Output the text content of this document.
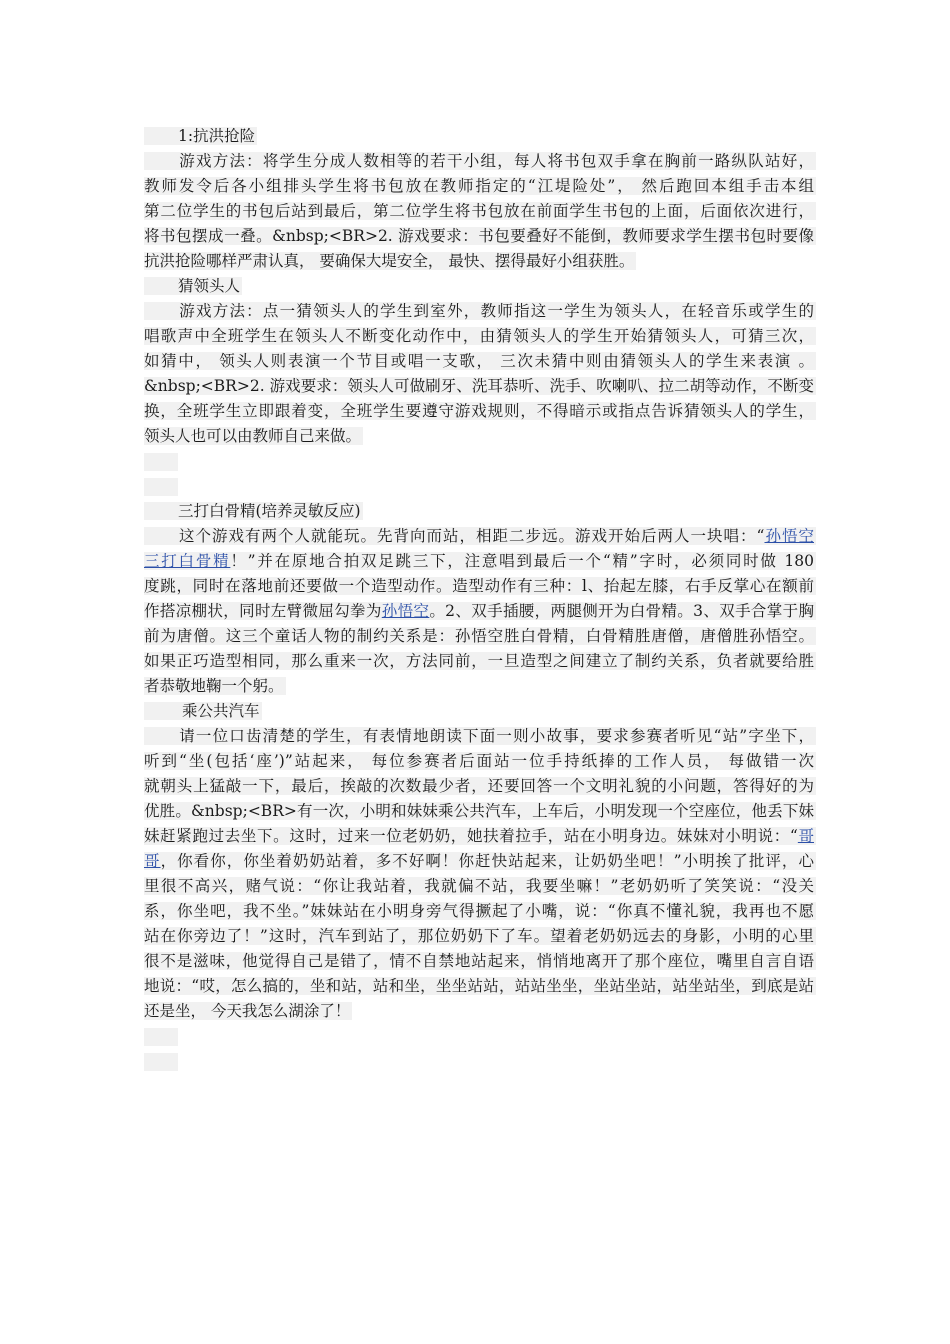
1:抗洪抢险
游戏方法：将学生分成人数相等的若干小组，每人将书包双手拿在胸前一路纵队站好，
教师发令后各小组排头学生将书包放在教师指定的“江堤险处”， 然后跑回本组手击本组
第二位学生的书包后站到最后，第二位学生将书包放在前面学生书包的上面，后面依次进行，
将书包摆成一叠。&nbsp;<BR>2. 游戏要求：书包要叠好不能倒，教师要求学生摆书包时要像
抗洪抢险哪样严肃认真， 要确保大堤安全， 最快、摆得最好小组获胜。
猜领头人
游戏方法：点一猜领头人的学生到室外，教师指这一学生为领头人，在轻音乐或学生的
唱歌声中全班学生在领头人不断变化动作中，由猜领头人的学生开始猜领头人，可猜三次，
如猜中， 领头人则表演一个节目或唱一支歌， 三次未猜中则由猜领头人的学生来表演 。
&nbsp;<BR>2. 游戏要求：领头人可做刷牙、洗耳恭听、洗手、吹喇叭、拉二胡等动作，不断变
换，全班学生立即跟着变，全班学生要遵守游戏规则，不得暗示或指点告诉猜领头人的学生，
领头人也可以由教师自己来做。
三打白骨精(培养灵敏反应)
这个游戏有两个人就能玩。先背向而站，相距二步远。游戏开始后两人一块唱：“孙悟空
三打白骨精！”并在原地合拍双足跳三下，注意唱到最后一个“精”字时，必须同时做 180
度跳，同时在落地前还要做一个造型动作。造型动作有三种：l、抬起左膝，右手反掌心在额前
作搭凉棚状，同时左臂微屈勾拳为孙悟空。2、双手插腰，两腿侧开为白骨精。3、双手合掌于胸
前为唐僧。这三个童话人物的制约关系是：孙悟空胜白骨精，白骨精胜唐僧，唐僧胜孙悟空。
如果正巧造型相同，那么重来一次，方法同前，一旦造型之间建立了制约关系，负者就要给胜
者恭敬地鞠一个躬。
乘公共汽车
请一位口齿清楚的学生，有表情地朗读下面一则小故事，要求参赛者听见“站”字坐下，
听到“坐(包括‘座’)”站起来， 每位参赛者后面站一位手持纸捧的工作人员， 每做错一次
就朝头上猛敲一下，最后，挨敲的次数最少者，还要回答一个文明礼貌的小问题，答得好的为
优胜。&nbsp;<BR>有一次，小明和妹妹乘公共汽车，上车后，小明发现一个空座位，他丢下妹
妹赶紧跑过去坐下。这时，过来一位老奶奶，她扶着拉手，站在小明身边。妹妹对小明说：“哥
哥，你看你，你坐着奶奶站着，多不好啊！你赶快站起来，让奶奶坐吧！”小明挨了批评，心
里很不高兴，赌气说：“你让我站着，我就偏不站，我要坐嘛！”老奶奶听了笑笑说：“没关
系，你坐吧，我不坐。”妹妹站在小明身旁气得撅起了小嘴，说：“你真不懂礼貌，我再也不愿
站在你旁边了！”这时，汽车到站了，那位奶奶下了车。望着老奶奶远去的身影，小明的心里
很不是滋味，他觉得自己是错了，情不自禁地站起来，悄悄地离开了那个座位，嘴里自言自语
地说：“哎，怎么搞的，坐和站，站和坐，坐坐站站，站站坐坐，坐站坐站，站坐站坐，到底是站
还是坐， 今天我怎么湖涂了！
